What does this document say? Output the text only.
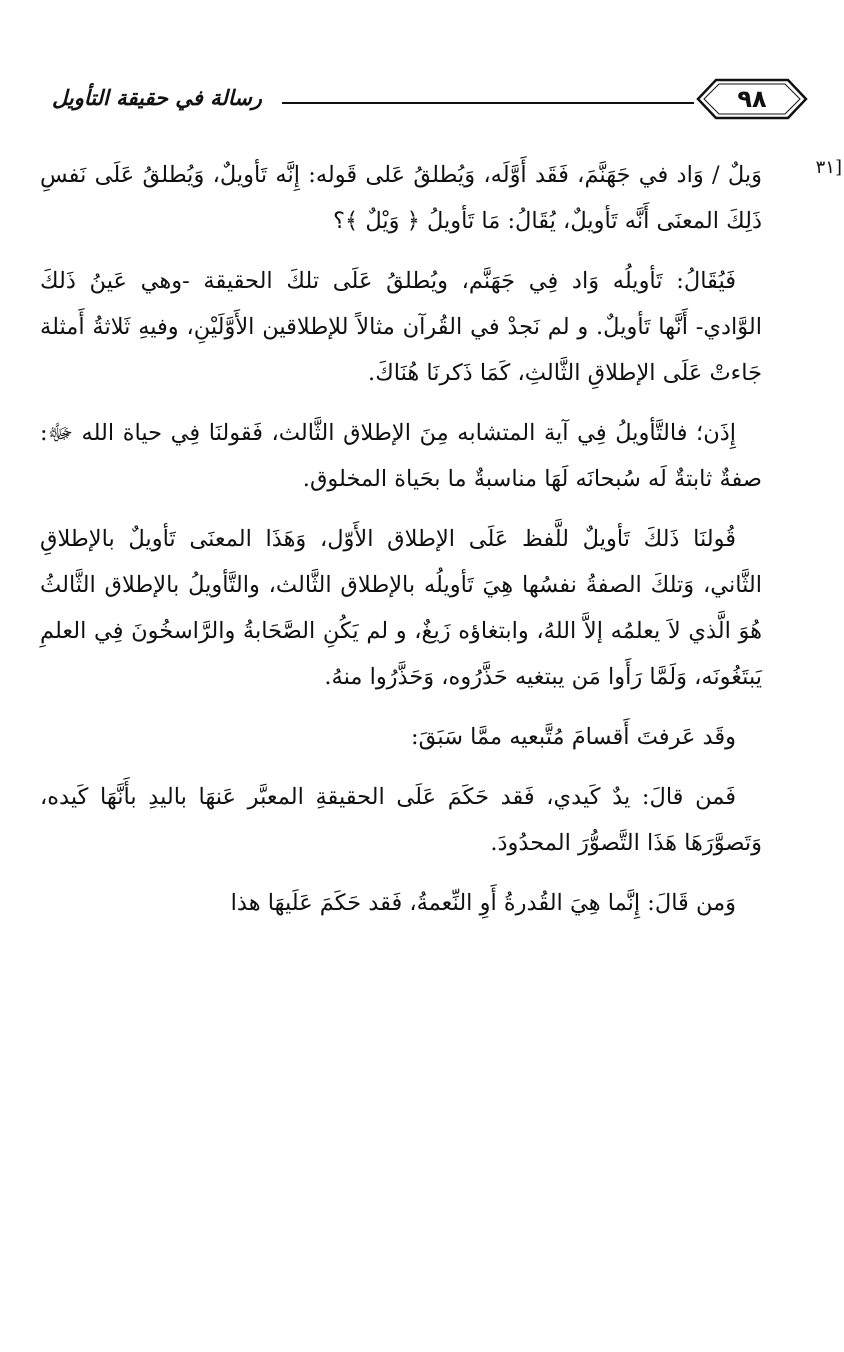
رسالة في حقيقة التأويل	٩٨
[٣١

وَيلٌ / وَاد في جَهَنَّمَ، فَقَد أَوَّلَه، وَيُطلقُ عَلى قَوله: إِنَّه تَأويلٌ، وَيُطلقُ عَلَى نَفسِ ذَلِكَ المعنَى أَنَّه تَأويلٌ، يُقَالُ: مَا تَأويلُ ﴿ وَيْلٌ ﴾؟

فَيُقَالُ: تَأويلُه وَاد فِي جَهَنَّم، ويُطلقُ عَلَى تلكَ الحقيقة -وهي عَينُ ذَلكَ الوَّادي- أَنَّها تَأويلٌ. و لم نَجدْ في القُرآن مثالاً للإطلاقين الأَوَّلَيْنِ، وفيهِ ثَلاثةُ أَمثلة جَاءتْ عَلَى الإطلاقِ الثَّالثِ، كَمَا ذَكرنَا هُنَاكَ.

إِذَن؛ فالتَّأويلُ فِي آية المتشابه مِنَ الإطلاق الثَّالث، فَقولنَا فِي حياة الله ﷻ: صفةٌ ثابتةٌ لَه سُبحانَه لَهَا مناسبةٌ ما بحَياة المخلوق.

قُولنَا ذَلكَ تَأويلٌ للَّفظ عَلَى الإطلاق الأَوّل، وَهَذَا المعنَى تَأويلٌ بالإطلاقِ الثَّاني، وَتلكَ الصفةُ نفسُها هِيَ تَأويلُه بالإطلاق الثَّالث، والتَّأويلُ بالإطلاق الثَّالثُ هُوَ الَّذي لاَ يعلمُه إلاَّ اللهُ، وابتغاؤه زَيغٌ، و لم يَكُنِ الصَّحَابةُ والرَّاسخُونَ فِي العلمِ يَبتَغُونَه، وَلَمَّا رَأَوا مَن يبتغيه حَذَّرُوه، وَحَذَّرُوا منهُ.

وقَد عَرفتَ أَقسامَ مُتَّبعيه ممَّا سَبَقَ:

فَمن قالَ: يدٌ كَيدي، فَقد حَكَمَ عَلَى الحقيقةِ المعبَّر عَنهَا باليدِ بأَنَّهَا كَيده، وَتَصوَّرَهَا هَذَا التَّصوُّرَ المحدُودَ.

وَمن قَالَ: إِنَّما هِيَ القُدرةُ أَوِ النِّعمةُ، فَقد حَكَمَ عَلَيهَا هذا
